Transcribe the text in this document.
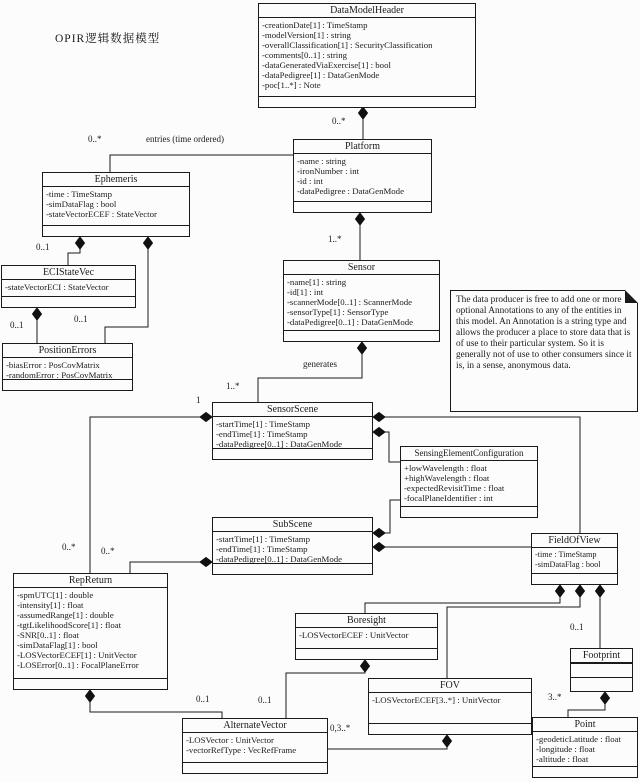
OPIR逻辑数据模型
DataModelHeader
-creationDate[1] : TimeStamp
-modelVersion[1] : string
-overallClassification[1] : SecurityClassification
-comments[0..1] : string
-dataGeneratedViaExercise[1] : bool
-dataPedigree[1] : DataGenMode
-poc[1..*] : Note
Platform
-name : string
-ironNumber : int
-id : int
-dataPedigree : DataGenMode
Ephemeris
-time : TimeStamp
-simDataFlag : bool
-stateVectorECEF : StateVector
Sensor
-name[1] : string
-id[1] : int
-scannerMode[0..1] : ScannerMode
-sensorType[1] : SensorType
-dataPedigree[0..1] : DataGenMode
ECIStateVec
-stateVectorECI : StateVector
PositionErrors
-biasError : PosCovMatrix
-randomError : PosCovMatrix
SensorScene
-startTime[1] : TimeStamp
-endTime[1] : TimeStamp
-dataPedigree[0..1] : DataGenMode
SensingElementConfiguration
+lowWavelength : float
+highWavelength : float
-expectedRevisitTime : float
-focalPlaneIdentifier : int
SubScene
-startTime[1] : TimeStamp
-endTime[1] : TimeStamp
-dataPedigree[0..1] : DataGenMode
FieldOfView
-time : TimeStamp
-simDataFlag : bool
RepReturn
-spmUTC[1] : double
-intensity[1] : float
-assumedRange[1] : double
-tgtLikelihoodScore[1] : float
-SNR[0..1] : float
-simDataFlag[1] : bool
-LOSVectorECEF[1] : UnitVector
-LOSError[0..1] : FocalPlaneError
Boresight
-LOSVectorECEF : UnitVector
Footprint
FOV
-LOSVectorECEF[3..*] : UnitVector
AlternateVector
-LOSVector : UnitVector
-vectorRefType : VecRefFrame
Point
-geodeticLatitude : float
-longitude : float
-altitude : float
The data producer is free to add one or more optional Annotations to any of the entities in this model. An Annotation is a string type and allows the producer a place to store data that is of use to their particular system. So it is generally not of use to other consumers since it is, in a sense, anonymous data.
0..*
1..*
0..*	entries (time ordered)
0..1
0..1
0..1
generates
1..*
1
0..*	0..*
0..1
0..1	0..1
0,3..*
3..*
